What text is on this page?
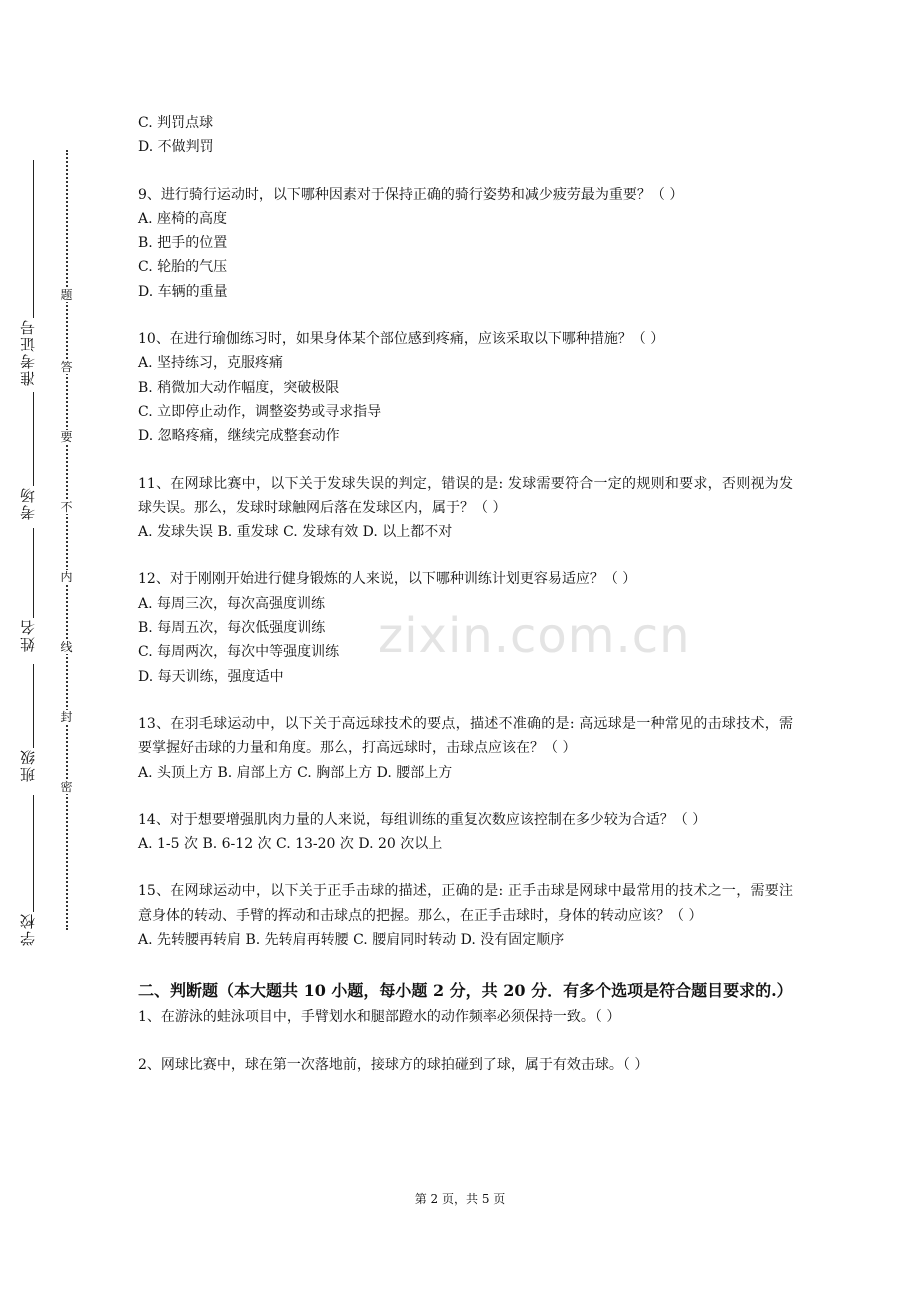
准考证号
考场
姓名
班级
学校
题
答
要
不
内
线
封
密
zixin.com.cn
C. 判罚点球
D. 不做判罚
9、进行骑行运动时，以下哪种因素对于保持正确的骑行姿势和减少疲劳最为重要？（ ）
A. 座椅的高度
B. 把手的位置
C. 轮胎的气压
D. 车辆的重量
10、在进行瑜伽练习时，如果身体某个部位感到疼痛，应该采取以下哪种措施？（ ）
A. 坚持练习，克服疼痛
B. 稍微加大动作幅度，突破极限
C. 立即停止动作，调整姿势或寻求指导
D. 忽略疼痛，继续完成整套动作
11、在网球比赛中，以下关于发球失误的判定，错误的是: 发球需要符合一定的规则和要求，否则视为发球失误。那么，发球时球触网后落在发球区内，属于？（ ）
A. 发球失误 B. 重发球 C. 发球有效 D. 以上都不对
12、对于刚刚开始进行健身锻炼的人来说，以下哪种训练计划更容易适应？（ ）
A. 每周三次，每次高强度训练
B. 每周五次，每次低强度训练
C. 每周两次，每次中等强度训练
D. 每天训练，强度适中
13、在羽毛球运动中，以下关于高远球技术的要点，描述不准确的是: 高远球是一种常见的击球技术，需要掌握好击球的力量和角度。那么，打高远球时，击球点应该在？（ ）
A. 头顶上方 B. 肩部上方 C. 胸部上方 D. 腰部上方
14、对于想要增强肌肉力量的人来说，每组训练的重复次数应该控制在多少较为合适？（ ）
A. 1-5 次 B. 6-12 次 C. 13-20 次 D. 20 次以上
15、在网球运动中，以下关于正手击球的描述，正确的是: 正手击球是网球中最常用的技术之一，需要注意身体的转动、手臂的挥动和击球点的把握。那么，在正手击球时，身体的转动应该？（ ）
A. 先转腰再转肩 B. 先转肩再转腰 C. 腰肩同时转动 D. 没有固定顺序
二、判断题（本大题共 10 小题，每小题 2 分，共 20 分．有多个选项是符合题目要求的.）
1、在游泳的蛙泳项目中，手臂划水和腿部蹬水的动作频率必须保持一致。（ ）
2、网球比赛中，球在第一次落地前，接球方的球拍碰到了球，属于有效击球。（ ）
第 2 页，共 5 页
